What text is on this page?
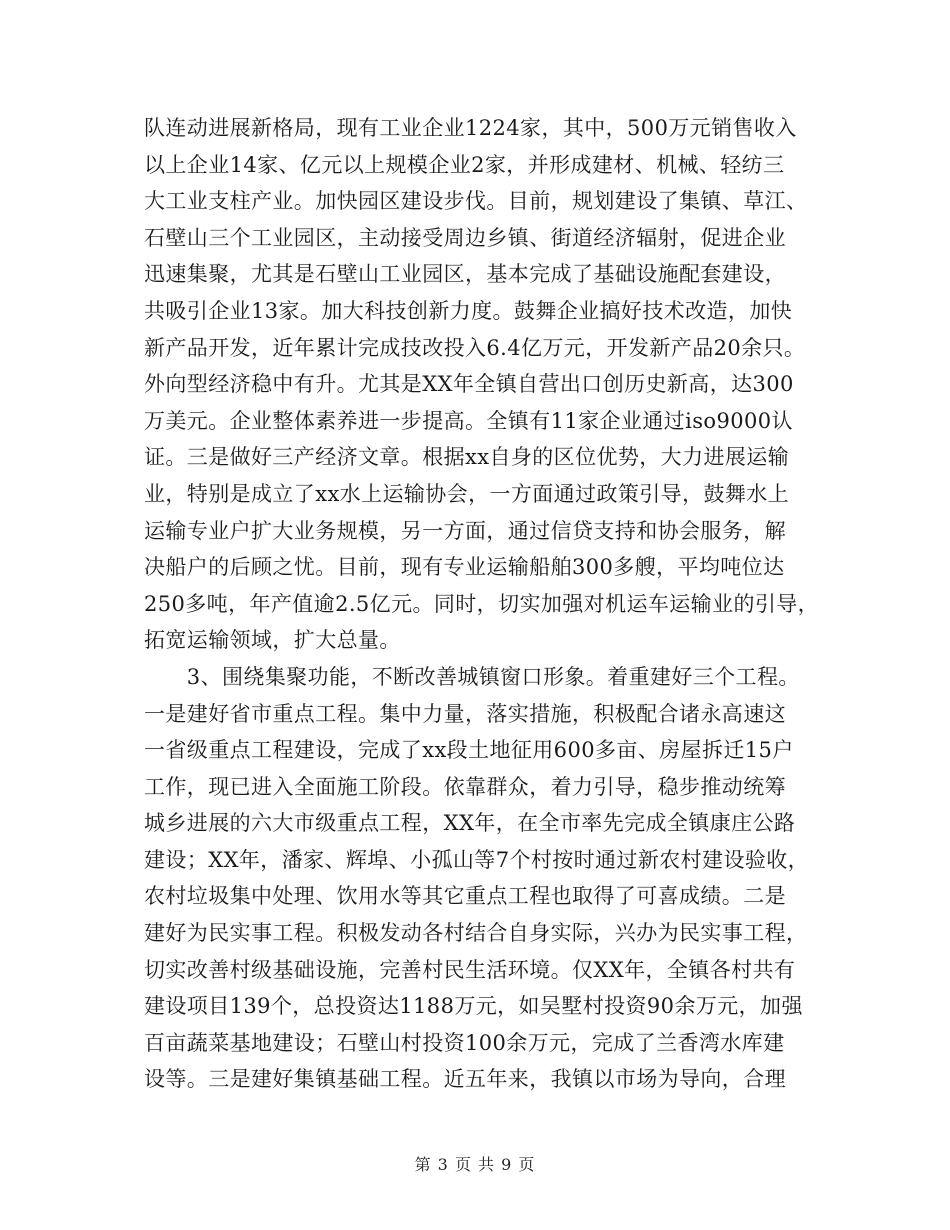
队连动进展新格局，现有工业企业1224家，其中，500万元销售收入
以上企业14家、亿元以上规模企业2家，并形成建材、机械、轻纺三
大工业支柱产业。加快园区建设步伐。目前，规划建设了集镇、草江、
石壁山三个工业园区，主动接受周边乡镇、街道经济辐射，促进企业
迅速集聚，尤其是石壁山工业园区，基本完成了基础设施配套建设，
共吸引企业13家。加大科技创新力度。鼓舞企业搞好技术改造，加快
新产品开发，近年累计完成技改投入6.4亿万元，开发新产品20余只。
外向型经济稳中有升。尤其是XX年全镇自营出口创历史新高，达300
万美元。企业整体素养进一步提高。全镇有11家企业通过iso9000认
证。三是做好三产经济文章。根据xx自身的区位优势，大力进展运输
业，特别是成立了xx水上运输协会，一方面通过政策引导，鼓舞水上
运输专业户扩大业务规模，另一方面，通过信贷支持和协会服务，解
决船户的后顾之忧。目前，现有专业运输船舶300多艘，平均吨位达
250多吨，年产值逾2.5亿元。同时，切实加强对机运车运输业的引导，
拓宽运输领域，扩大总量。
　　3、围绕集聚功能，不断改善城镇窗口形象。着重建好三个工程。
一是建好省市重点工程。集中力量，落实措施，积极配合诸永高速这
一省级重点工程建设，完成了xx段土地征用600多亩、房屋拆迁15户
工作，现已进入全面施工阶段。依靠群众，着力引导，稳步推动统筹
城乡进展的六大市级重点工程，XX年，在全市率先完成全镇康庄公路
建设；XX年，潘家、辉埠、小孤山等7个村按时通过新农村建设验收，
农村垃圾集中处理、饮用水等其它重点工程也取得了可喜成绩。二是
建好为民实事工程。积极发动各村结合自身实际，兴办为民实事工程，
切实改善村级基础设施，完善村民生活环境。仅XX年，全镇各村共有
建设项目139个，总投资达1188万元，如吴墅村投资90余万元，加强
百亩蔬菜基地建设；石壁山村投资100余万元，完成了兰香湾水库建
设等。三是建好集镇基础工程。近五年来，我镇以市场为导向，合理
第 3 页 共 9 页
